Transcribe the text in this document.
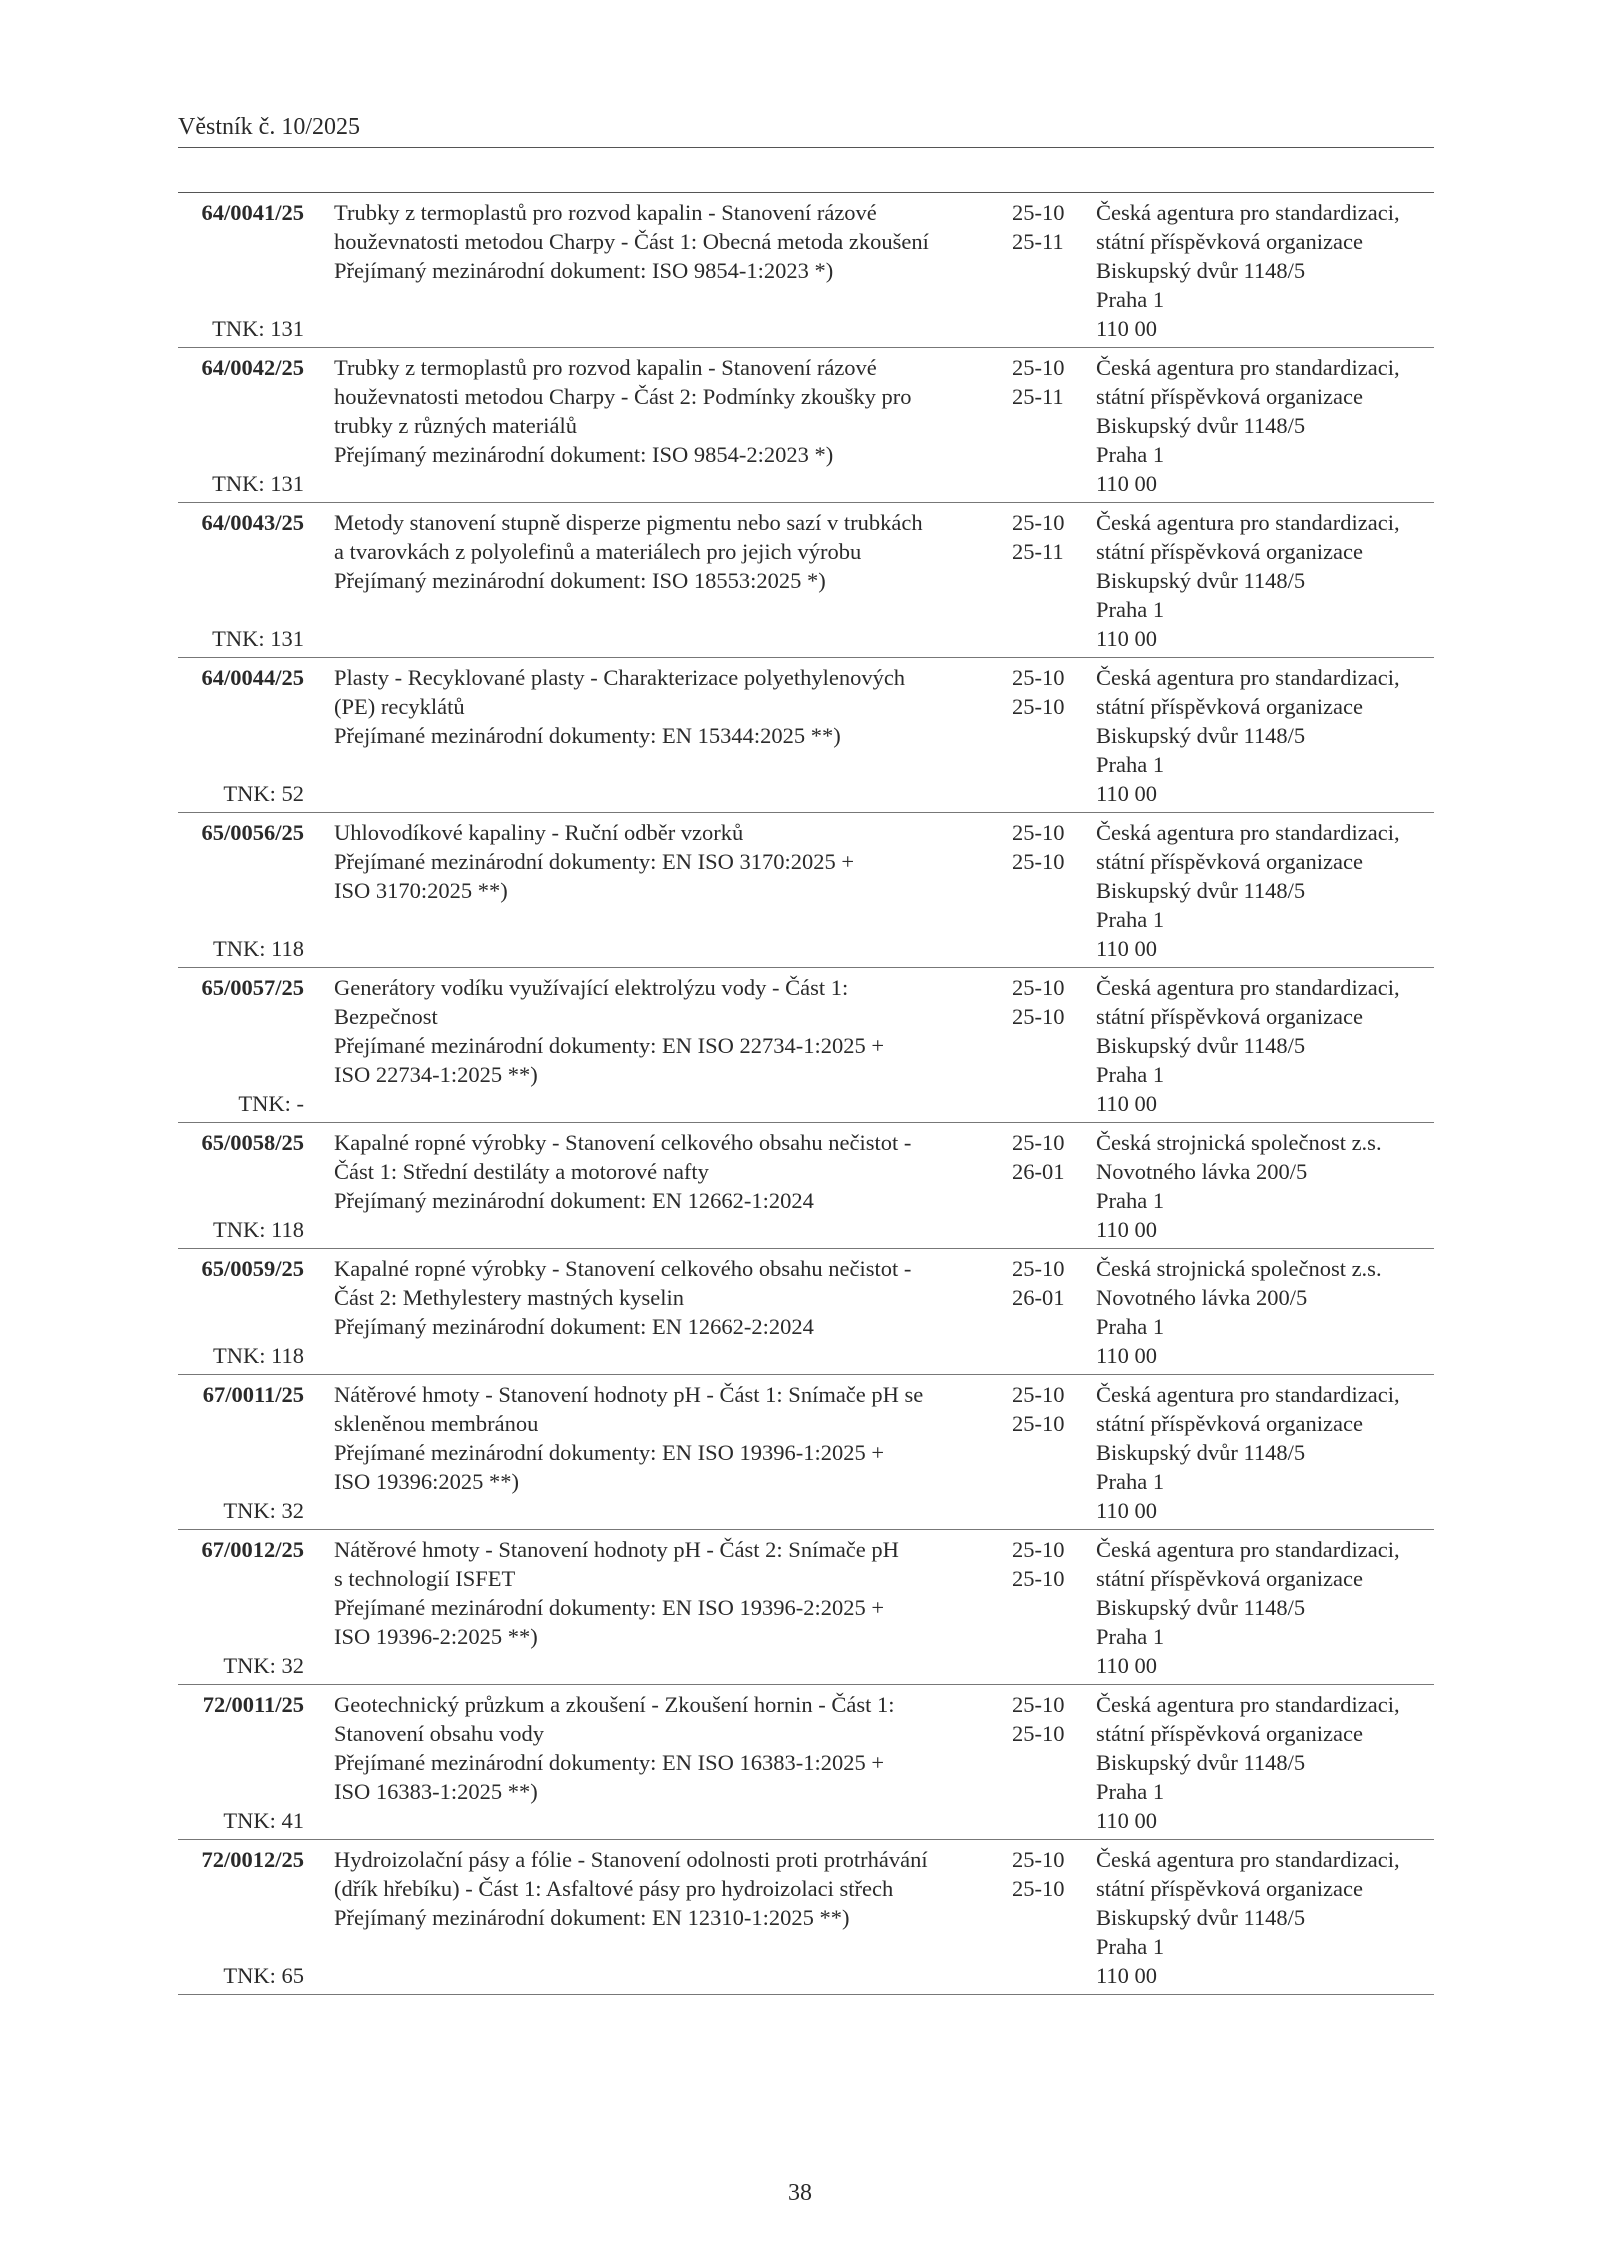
Věstník č. 10/2025
64/0041/25
TNK: 131
Trubky z termoplastů pro rozvod kapalin - Stanovení rázové
houževnatosti metodou Charpy - Část 1: Obecná metoda zkoušení
Přejímaný mezinárodní dokument: ISO 9854-1:2023 *)
25-10
25-11
Česká agentura pro standardizaci,
státní příspěvková organizace
Biskupský dvůr 1148/5
Praha 1
110 00
64/0042/25
TNK: 131
Trubky z termoplastů pro rozvod kapalin - Stanovení rázové
houževnatosti metodou Charpy - Část 2: Podmínky zkoušky pro
trubky z různých materiálů
Přejímaný mezinárodní dokument: ISO 9854-2:2023 *)
25-10
25-11
Česká agentura pro standardizaci,
státní příspěvková organizace
Biskupský dvůr 1148/5
Praha 1
110 00
64/0043/25
TNK: 131
Metody stanovení stupně disperze pigmentu nebo sazí v trubkách
a tvarovkách z polyolefinů a materiálech pro jejich výrobu
Přejímaný mezinárodní dokument: ISO 18553:2025 *)
25-10
25-11
Česká agentura pro standardizaci,
státní příspěvková organizace
Biskupský dvůr 1148/5
Praha 1
110 00
64/0044/25
TNK: 52
Plasty - Recyklované plasty - Charakterizace polyethylenových
(PE) recyklátů
Přejímané mezinárodní dokumenty: EN 15344:2025 **)
25-10
25-10
Česká agentura pro standardizaci,
státní příspěvková organizace
Biskupský dvůr 1148/5
Praha 1
110 00
65/0056/25
TNK: 118
Uhlovodíkové kapaliny - Ruční odběr vzorků
Přejímané mezinárodní dokumenty: EN ISO 3170:2025 +
ISO 3170:2025 **)
25-10
25-10
Česká agentura pro standardizaci,
státní příspěvková organizace
Biskupský dvůr 1148/5
Praha 1
110 00
65/0057/25
TNK: -
Generátory vodíku využívající elektrolýzu vody - Část 1:
Bezpečnost
Přejímané mezinárodní dokumenty: EN ISO 22734-1:2025 +
ISO 22734-1:2025 **)
25-10
25-10
Česká agentura pro standardizaci,
státní příspěvková organizace
Biskupský dvůr 1148/5
Praha 1
110 00
65/0058/25
TNK: 118
Kapalné ropné výrobky - Stanovení celkového obsahu nečistot -
Část 1: Střední destiláty a motorové nafty
Přejímaný mezinárodní dokument: EN 12662-1:2024
25-10
26-01
Česká strojnická společnost z.s.
Novotného lávka 200/5
Praha 1
110 00
65/0059/25
TNK: 118
Kapalné ropné výrobky - Stanovení celkového obsahu nečistot -
Část 2: Methylestery mastných kyselin
Přejímaný mezinárodní dokument: EN 12662-2:2024
25-10
26-01
Česká strojnická společnost z.s.
Novotného lávka 200/5
Praha 1
110 00
67/0011/25
TNK: 32
Nátěrové hmoty - Stanovení hodnoty pH - Část 1: Snímače pH se
skleněnou membránou
Přejímané mezinárodní dokumenty: EN ISO 19396-1:2025 +
ISO 19396:2025 **)
25-10
25-10
Česká agentura pro standardizaci,
státní příspěvková organizace
Biskupský dvůr 1148/5
Praha 1
110 00
67/0012/25
TNK: 32
Nátěrové hmoty - Stanovení hodnoty pH - Část 2: Snímače pH
s technologií ISFET
Přejímané mezinárodní dokumenty: EN ISO 19396-2:2025 +
ISO 19396-2:2025 **)
25-10
25-10
Česká agentura pro standardizaci,
státní příspěvková organizace
Biskupský dvůr 1148/5
Praha 1
110 00
72/0011/25
TNK: 41
Geotechnický průzkum a zkoušení - Zkoušení hornin - Část 1:
Stanovení obsahu vody
Přejímané mezinárodní dokumenty: EN ISO 16383-1:2025 +
ISO 16383-1:2025 **)
25-10
25-10
Česká agentura pro standardizaci,
státní příspěvková organizace
Biskupský dvůr 1148/5
Praha 1
110 00
72/0012/25
TNK: 65
Hydroizolační pásy a fólie - Stanovení odolnosti proti protrhávání
(dřík hřebíku) - Část 1: Asfaltové pásy pro hydroizolaci střech
Přejímaný mezinárodní dokument: EN 12310-1:2025 **)
25-10
25-10
Česká agentura pro standardizaci,
státní příspěvková organizace
Biskupský dvůr 1148/5
Praha 1
110 00
38
